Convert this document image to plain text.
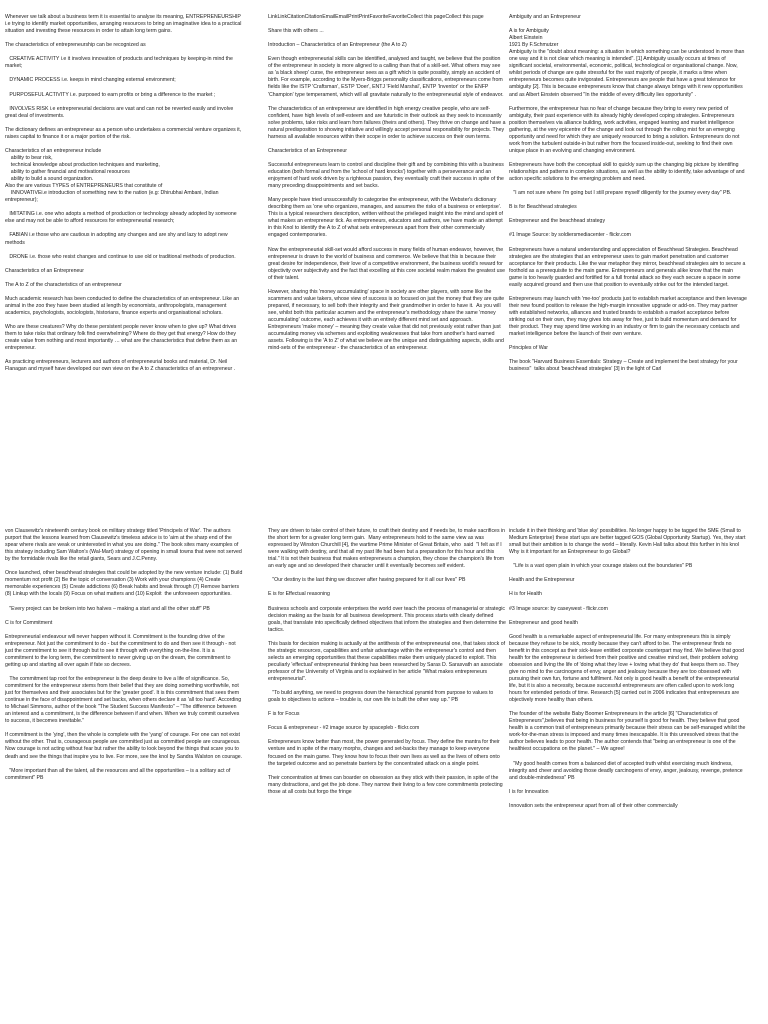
Whenever we talk about a business term it is essential to analyse its meaning, ENTREPRENEURSHIP i.e trying to identify market opportunities, arranging resources to bring an imaginative idea to a practical situation and investing these resources in order to attain long term gains.

The characteristics of entrepreneurship can be recognized as

CREATIVE ACTIVITY i.e it involves innovation of products and techniques by keeping-in mind the market;

DYNAMIC PROCESS i.e. keeps in mind changing external environment;

PURPOSEFUL ACTIVITY i.e. purposed to earn profits or bring a difference to the market ;

INVOLVES RISK i.e entrepreneurial decisions are vast and can not be reverted easily and involve great deal of investments.

The dictionary defines an entrepreneur as a person who undertakes a commercial venture organizes it, raises capital to finance it or a major portion of the risk.

Characteristics of an entrepreneur include
ability to bear risk,
technical knowledge about production techniques and marketing,
ability to gather financial and motivational resources
ability to build a sound organization.
Also the are various TYPES of ENTREPRENEURS that constitute of
INNOVATIVEi.e introduction of something new to the nation (e.g: Dhirubhai Ambani, Indian entrepreneur);

IMITATING i.e. one who adopts a method of production or technology already adopted by someone else and may not be able to afford resources for entrepreneurial research;

FABIAN i.e those who are cautious in adopting any changes and are shy and lazy to adopt new methods

DRONE i.e. those who resist changes and continue to use old or traditional methods of production.

Characteristics of an Entrepreneur

The A to Z of the characteristics of an entrepreneur

Much academic research has been conducted to define the characteristics of an entrepreneur. Like an animal in the zoo they have been studied at length by economists, anthropologists, management academics, psychologists, sociologists, historians, finance experts and organisational scholars.

Who are these creatures? Why do these persistent people never know when to give up? What drives them to take risks that ordinary folk find overwhelming? Where do they get that energy? How do they create value from nothing and most importantly … what are the characteristics that define them as an entrepreneur.

As practicing entrepreneurs, lecturers and authors of entrepreneurial books and material, Dr. Neil Flanagan and myself have developed our own view on the A to Z characteristics of an entrepreneur .

LinkLinkCitationCitationEmailEmailPrintPrintFavoriteFavoriteCollect this pageCollect this page

Share this with others ...

Introduction – Characteristics of an Entrepreneur (the A to Z)

Even though entrepreneurial skills can be identified, analysed and taught, we believe that the position of the entrepreneur in society is more aligned to a calling than that of a skill-set. What others may see as 'a black sheep' curse, the entrepreneur sees as a gift which is quite possibly, simply an accident of birth. For example, according to the Myers-Briggs personality classifications, entrepreneurs come from fields like the ISTP 'Craftsman', ESTP 'Doer', ENTJ 'Field Marshal', ENTP 'Inventor' or the ENFP 'Champion' type temperament, which will all gravitate naturally to the entrepreneurial style of endeavor.

The characteristics of an entrepreneur are identified in high energy creative people, who are self-confident, have high levels of self-esteem and are futuristic in their outlook as they seek to incessantly solve problems, take risks and learn from failures (theirs and others). They thrive on change and have a natural predisposition to showing initiative and willingly accept personal responsibility for projects. They harness all available resources within their scope in order to achieve success on their own terms.

Characteristics of an Entrepreneur

Successful entrepreneurs learn to control and discipline their gift and by combining this with a business education (both formal and from the 'school of hard knocks') together with a perseverance and an enjoyment of hard work driven by a righteous passion, they eventually craft their success in spite of the many preceding disappointments and set backs.

Many people have tried unsuccessfully to categorise the entrepreneur, with the Webster's dictionary describing them as 'one who organizes, manages, and assumes the risks of a business or enterprise'. This is a typical researchers description, written without the privileged insight into the mind and spirit of what makes an entrepreneur tick. As entrepreneurs, educators and authors, we have made an attempt in this Knol to identify the A to Z of what sets entrepreneurs apart from their other commercially engaged contemporaries.

Now the entrepreneurial skill-set would afford success in many fields of human endeavor, however, the entrepreneur is drawn to the world of business and commerce. We believe that this is because their great desire for independence, their love of a competitive environment, the business world's reward for objectivity over subjectivity and the fact that excelling at this core societal realm makes the greatest use of their talent.

However, sharing this 'money accumulating' space in society are other players, with some like the scammers and value takers, whose view of success is so focused on just the money that they are quite prepared, if necessary, to sell both their integrity and their grandmother in order to have it.  As you will see, whilst both this particular acumen and the entrepreneur's methodology share the same 'money accumulating' outcome, each achieves it with an entirely different mind set and approach. Entrepreneurs 'make money' – meaning they create value that did not previously exist rather than just accumulating money via schemes and exploiting weaknesses that take from another's hard earned assets. Following is the 'A to Z' of what we believe are the unique and distinguishing aspects, skills and mind-sets of the entrepreneur - the characteristics of an entrepreneur.

Ambiguity and an Entrepreneur

A is for Ambiguity
Albert Einstein
1921 By F.Schmutzer
Ambiguity is the "doubt about meaning: a situation in which something can be understood in more than one way and it is not clear which meaning is intended". [1] Ambiguity usually occurs at times of significant societal, environmental, economic, political, technological or organisational change. Now, whilst periods of change are quite stressful for the vast majority of people, it marks a time when entrepreneurs becomes quite invigorated. Entrepreneurs are people that have a great tolerance for ambiguity [2]. This is because entrepreneurs know that change always brings with it new opportunities and as Albert Einstein observed "In the middle of every difficulty lies opportunity" .

Furthermore, the entrepreneur has no fear of change because they bring to every new period of ambiguity, their past experience with its already highly developed coping strategies. Entrepreneurs position themselves via alliance building, work activities, engaged learning and market intelligence gathering, at the very epicentre of the change and look out through the roiling mist for an emerging opportunity and need for which they are uniquely resourced to bring a solution. Entrepreneurs do not work from the turbulent outside-in but rather from the focused inside-out, seeking to find their own unique place in an evolving and changing environment.

Entrepreneurs have both the conceptual skill to quickly sum up the changing big picture by identifing relationships and patterns in complex situations, as well as the ability to identify, take advantage of and action specific solutions to the emerging problem and need.

"I am not sure where I'm going but I still prepare myself diligently for the journey every day" PB.

B is for Beachhead strategies

Entrepreneur and the beachhead strategy

#1 Image Source: by soldiersmediacenter - flickr.com

Entrepreneurs have a natural understanding and appreciation of Beachhead Strategies. Beachhead strategies are the strategies that an entrepreneur uses to gain market penetration and customer acceptance for their products. Like the war metaphor they mirror, beachhead strategies aim to secure a foothold as a prerequisite to the main game. Entrepreneurs and generals alike know that the main game is too heavily guarded and fortified for a full frontal attack so they each secure a space in some easily acquired ground and then use that position to eventually strike out for the intended target.

Entrepreneurs may launch with 'me-too' products just to establish market acceptance and then leverage their new found position to release the high-margin innovative upgrade or add-on. They may partner with established networks, alliances and trusted brands to establish a market acceptance before striking out on their own, they may gives lots away for free, just to build momentum and demand for their product. They may spend time working in an industry or firm to gain the necessary contacts and market intelligence before the launch of their own venture.

Principles of War

The book "Harvard Business Essentials: Strategy – Create and implement the best strategy for your business"  talks about 'beachhead strategies' [3] in the light of Carl

von Clausewitz's nineteenth century book on military strategy titled 'Principels of War'. The authors purport that the lessons learned from Clausewitz's timeless advice is to 'aim at the sharp end of the spear where rivals are weak or uninterested in what you are doing." The book sites many examples of this strategy including Sam Walton's (Wal-Mart) strategy of opening in small towns that were not served by the formidable rivals like the retail giants, Sears and J.C.Penny.

Once launched, other beachhead strategies that could be adopted by the new venture include: (1) Build momentum not profit (2) Be the topic of conversation (3) Work with your champions (4) Create memorable experiences (5) Create addictions (6) Break habits and break through (7) Remove barriers (8) Linkup with the locals (9) Focus on what matters and (10) Exploit  the unforeseen opportunities.

"Every project can be broken into two halves – making a start and all the other stuff" PB

C is for Commitment

Entrepreneurial endeavour will never happen without it. Commitment is the founding drive of the entrepreneur. Not just the commitment to do - but the commitment to do and then see it through - not just the commitment to see it through but to see it through with everything on-the-line. It is a commitment to the long term, the commitment to never giving up on the dream, the commitment to getting up and starting all over again if fate so decrees.

The commitment tap root for the entrepreneur is the deep desire to live a life of significance. So, commitment for the entrepreneur stems from their belief that they are doing something worthwhile, not just for themselves and their associates but for the 'greater good'. It is this commitment that sees them continue in the face of disappointment and set backs, when others declare it as 'all too hard'. According to Michael Simmons, author of the book "The Student Success Manifesto" – "The difference between an interest and a commitment, is the difference between if and when. When we truly commit ourselves to success, it becomes inevitable."

If commitment is the 'ying', then the whole is complete with the 'yang' of courage. For one can not exist without the other. That is, courageous people are committed just as committed people are courageous. Now courage is not acting without fear but rather the ability to look beyond the things that scare you to death and see the things that inspire you to live. For more, see the knol by Sandra Walston on courage.

"More important than all the talent, all the resources and all the opportunities – is a solitary act of commitment" PB

They are driven to take control of their future, to craft their destiny and if needs be, to make sacrifices in the short term for a greater long term gain.  Many entrepreneurs hold to the same view as was expressed by Winston Churchill [4], the wartime Prime Minister of Great Britain, who  said  "I felt as if I were walking with destiny, and that all my past life had been but a preparation for this hour and this trial." It is not their business that makes entrepreneurs a champion, they chose the champion's life from an early age and so developed their character until it eventually becomes self evident.

"Our destiny is the last thing we discover after having prepared for it all our lives" PB

E is for Effectual reasoning

Business schools and corporate enterprises the world over teach the process of managerial or strategic decision making as the basis for all business development. This process starts with clearly defined goals, that translate into specifically defined objectives that inform the strategies and then determine the tactics.

This basis for decision making is actually at the antithesis of the entrepreneurial one, that takes stock of the strategic resources, capabilities and unfair advantage within the entrepreneur's control and then selects an emerging opportunities that these capabilities make them uniquely placed to exploit. This peculiarly 'effectual' entrepreneurial thinking has been researched by Saras D. Sarasvath an associate professor of the University of Virginia and is explained in her article "What makes entrepreneurs entrepreneurial".

"To build anything, we need to progress down the hierarchical pyramid from purpose to values to goals to objectives to actions – trouble is, our own life is built the other way up." PB

F is for Focus

Focus & entrepreneur - #2 image source by spacepleb - flickr.com

Entrepreneurs know better than most, the power generated by focus. They define the mantra for their venture and in spite of the many morphs, changes and set-backs they manage to keep everyone focused on the main game. They know how to focus their own lives as well as the lives of others onto the targeted outcome and so penetrate barriers by the concentrated attack on a single point.

Their concentration at times can boarder on obsession as they stick with their passion, in spite of the many distractions, and get the job done. They narrow their living to a few core commitments protecting those at all costs but forgo the fringe

include it in their thinking and 'blue sky' possibilities. No longer happy to be tagged the SME (Small to Medium Enterprise) these start ups are better tagged GOS (Global Opportunity Startup). Yes, they start small but their ambition is to change the world – literally. Kevin Hall talks about this further in his knol Why is it important for an Entrepreneur to go Global?

"Life is a vast open plain in which your courage stakes out the boundaries" PB

Health and the Entrepreneur

H is for Health

#3 Image source: by caseywest - flickr.com

Entrepreneur and good health

Good health is a remarkable aspect of entrepreneurial life. For many entrepreneurs this is simply because they refuse to be sick, mostly because they can't afford to be. The entrepreneur finds no benefit in this concept as their sick-leave entitled corporate counterpart may find. We believe that good health for the entrepreneur is derived from their positive and creative mind set, their problem solving obsession and living the life of 'doing what they love + loving what they do' that keeps them so. They give no mind to the carcinogens of envy, anger and jealousy because they are too obsessed with pursuing their own fun, fortune and fulfilment. Not only is good health a benefit of the entrepreneurial life, but it is also a necessity, because successful entrepreneurs are often called upon to work long hours for extended periods of time. Research [5] carried out in 2006 indicates that entrepreneurs are objectively more healthy than others.

The founder of the website Baby Boomer Entrepreneurs in the article [6] "Characteristics of Entrepreneurs",believes that being in business for yourself is good for health. They believe that good health is a common trait of entrepreneurs primarily because their stress can be self-managed whilst the work-for-the-man stress is imposed and many times inescapable. It is this unresolved stress that the author believes leads to poor health. The author contends that "being an entrepreneur is one of the healthiest occupations on the planet." – We agree!

"My good health comes from a balanced diet of accepted truth whilst exercising much kindness, integrity and cheer and avoiding those deadly carcinogens of envy, anger, jealousy, revenge, pretence and double-mindedness" PB

I is for Innovation

Innovation sets the entrepreneur apart from all of their other commercially
